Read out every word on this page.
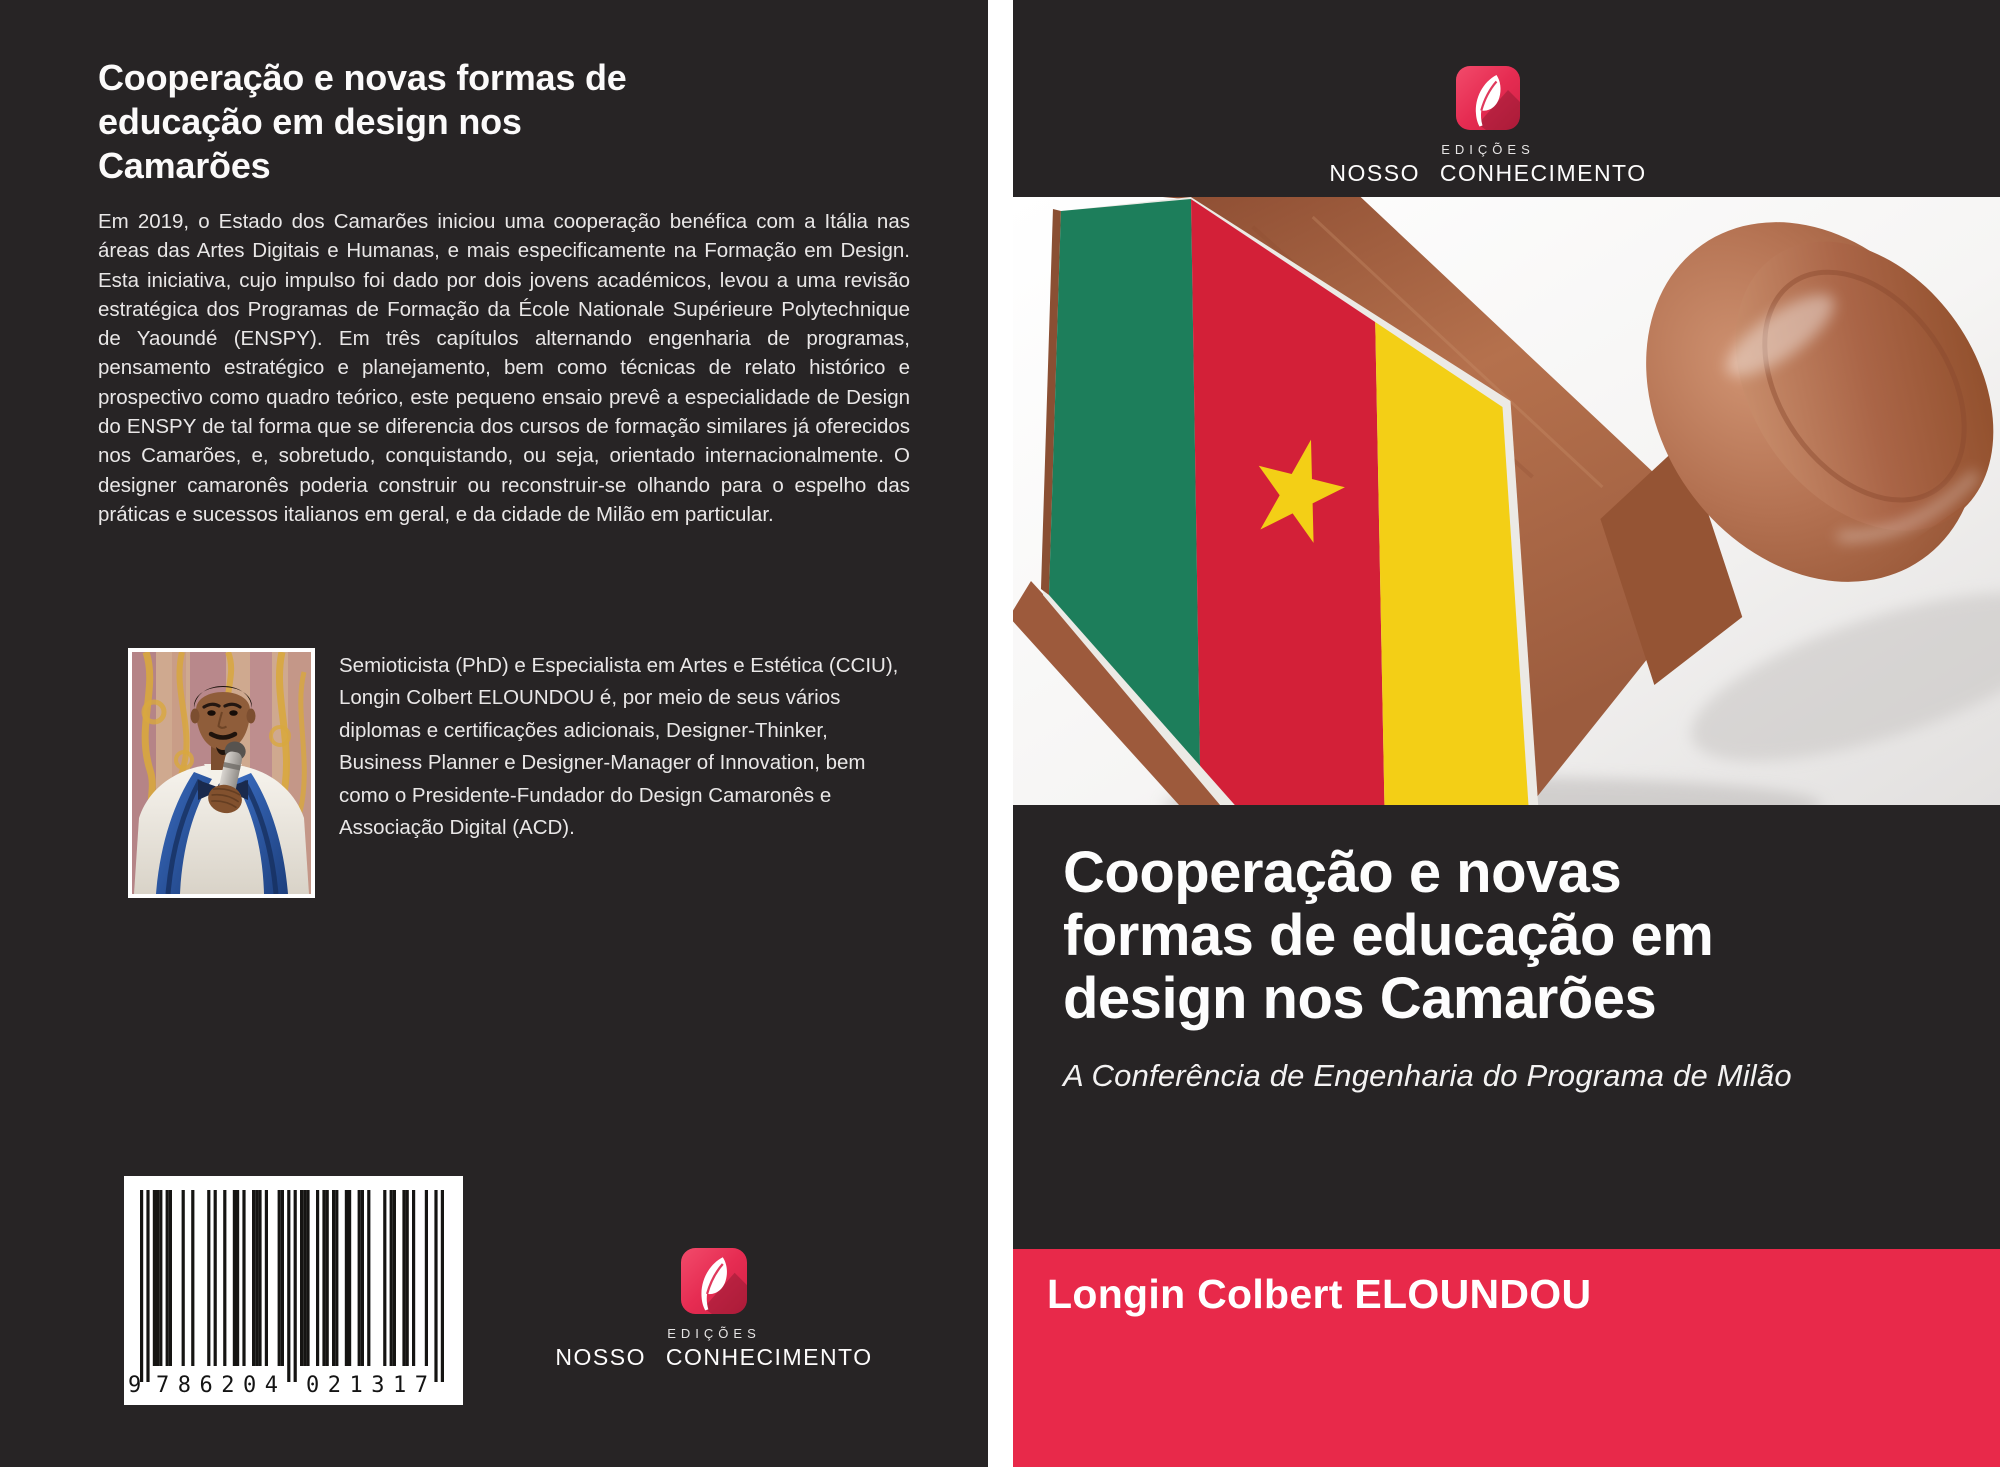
Cooperação e novas formas de
educação em design nos
Camarões

Em 2019, o Estado dos Camarões iniciou uma cooperação benéfica com a Itália nas áreas das Artes Digitais e Humanas, e mais especificamente na Formação em Design. Esta iniciativa, cujo impulso foi dado por dois jovens académicos, levou a uma revisão estratégica dos Programas de Formação da École Nationale Supérieure Polytechnique de Yaoundé (ENSPY). Em três capítulos alternando engenharia de programas, pensamento estratégico e planejamento, bem como técnicas de relato histórico e prospectivo como quadro teórico, este pequeno ensaio prevê a especialidade de Design do ENSPY de tal forma que se diferencia dos cursos de formação similares já oferecidos nos Camarões, e, sobretudo, conquistando, ou seja, orientado internacionalmente. O designer camaronês poderia construir ou reconstruir-se olhando para o espelho das práticas e sucessos italianos em geral, e da cidade de Milão em particular.

Semioticista (PhD) e Especialista em Artes e Estética (CCIU), Longin Colbert ELOUNDOU é, por meio de seus vários diplomas e certificações adicionais, Designer-Thinker, Business Planner e Designer-Manager of Innovation, bem como o Presidente-Fundador do Design Camaronês e Associação Digital (ACD).

9 786204 021317
EDIÇÕES
NOSSO CONHECIMENTO
EDIÇÕES
NOSSO CONHECIMENTO
Cooperação e novas
formas de educação em
design nos Camarões
A Conferência de Engenharia do Programa de Milão
Longin Colbert ELOUNDOU
